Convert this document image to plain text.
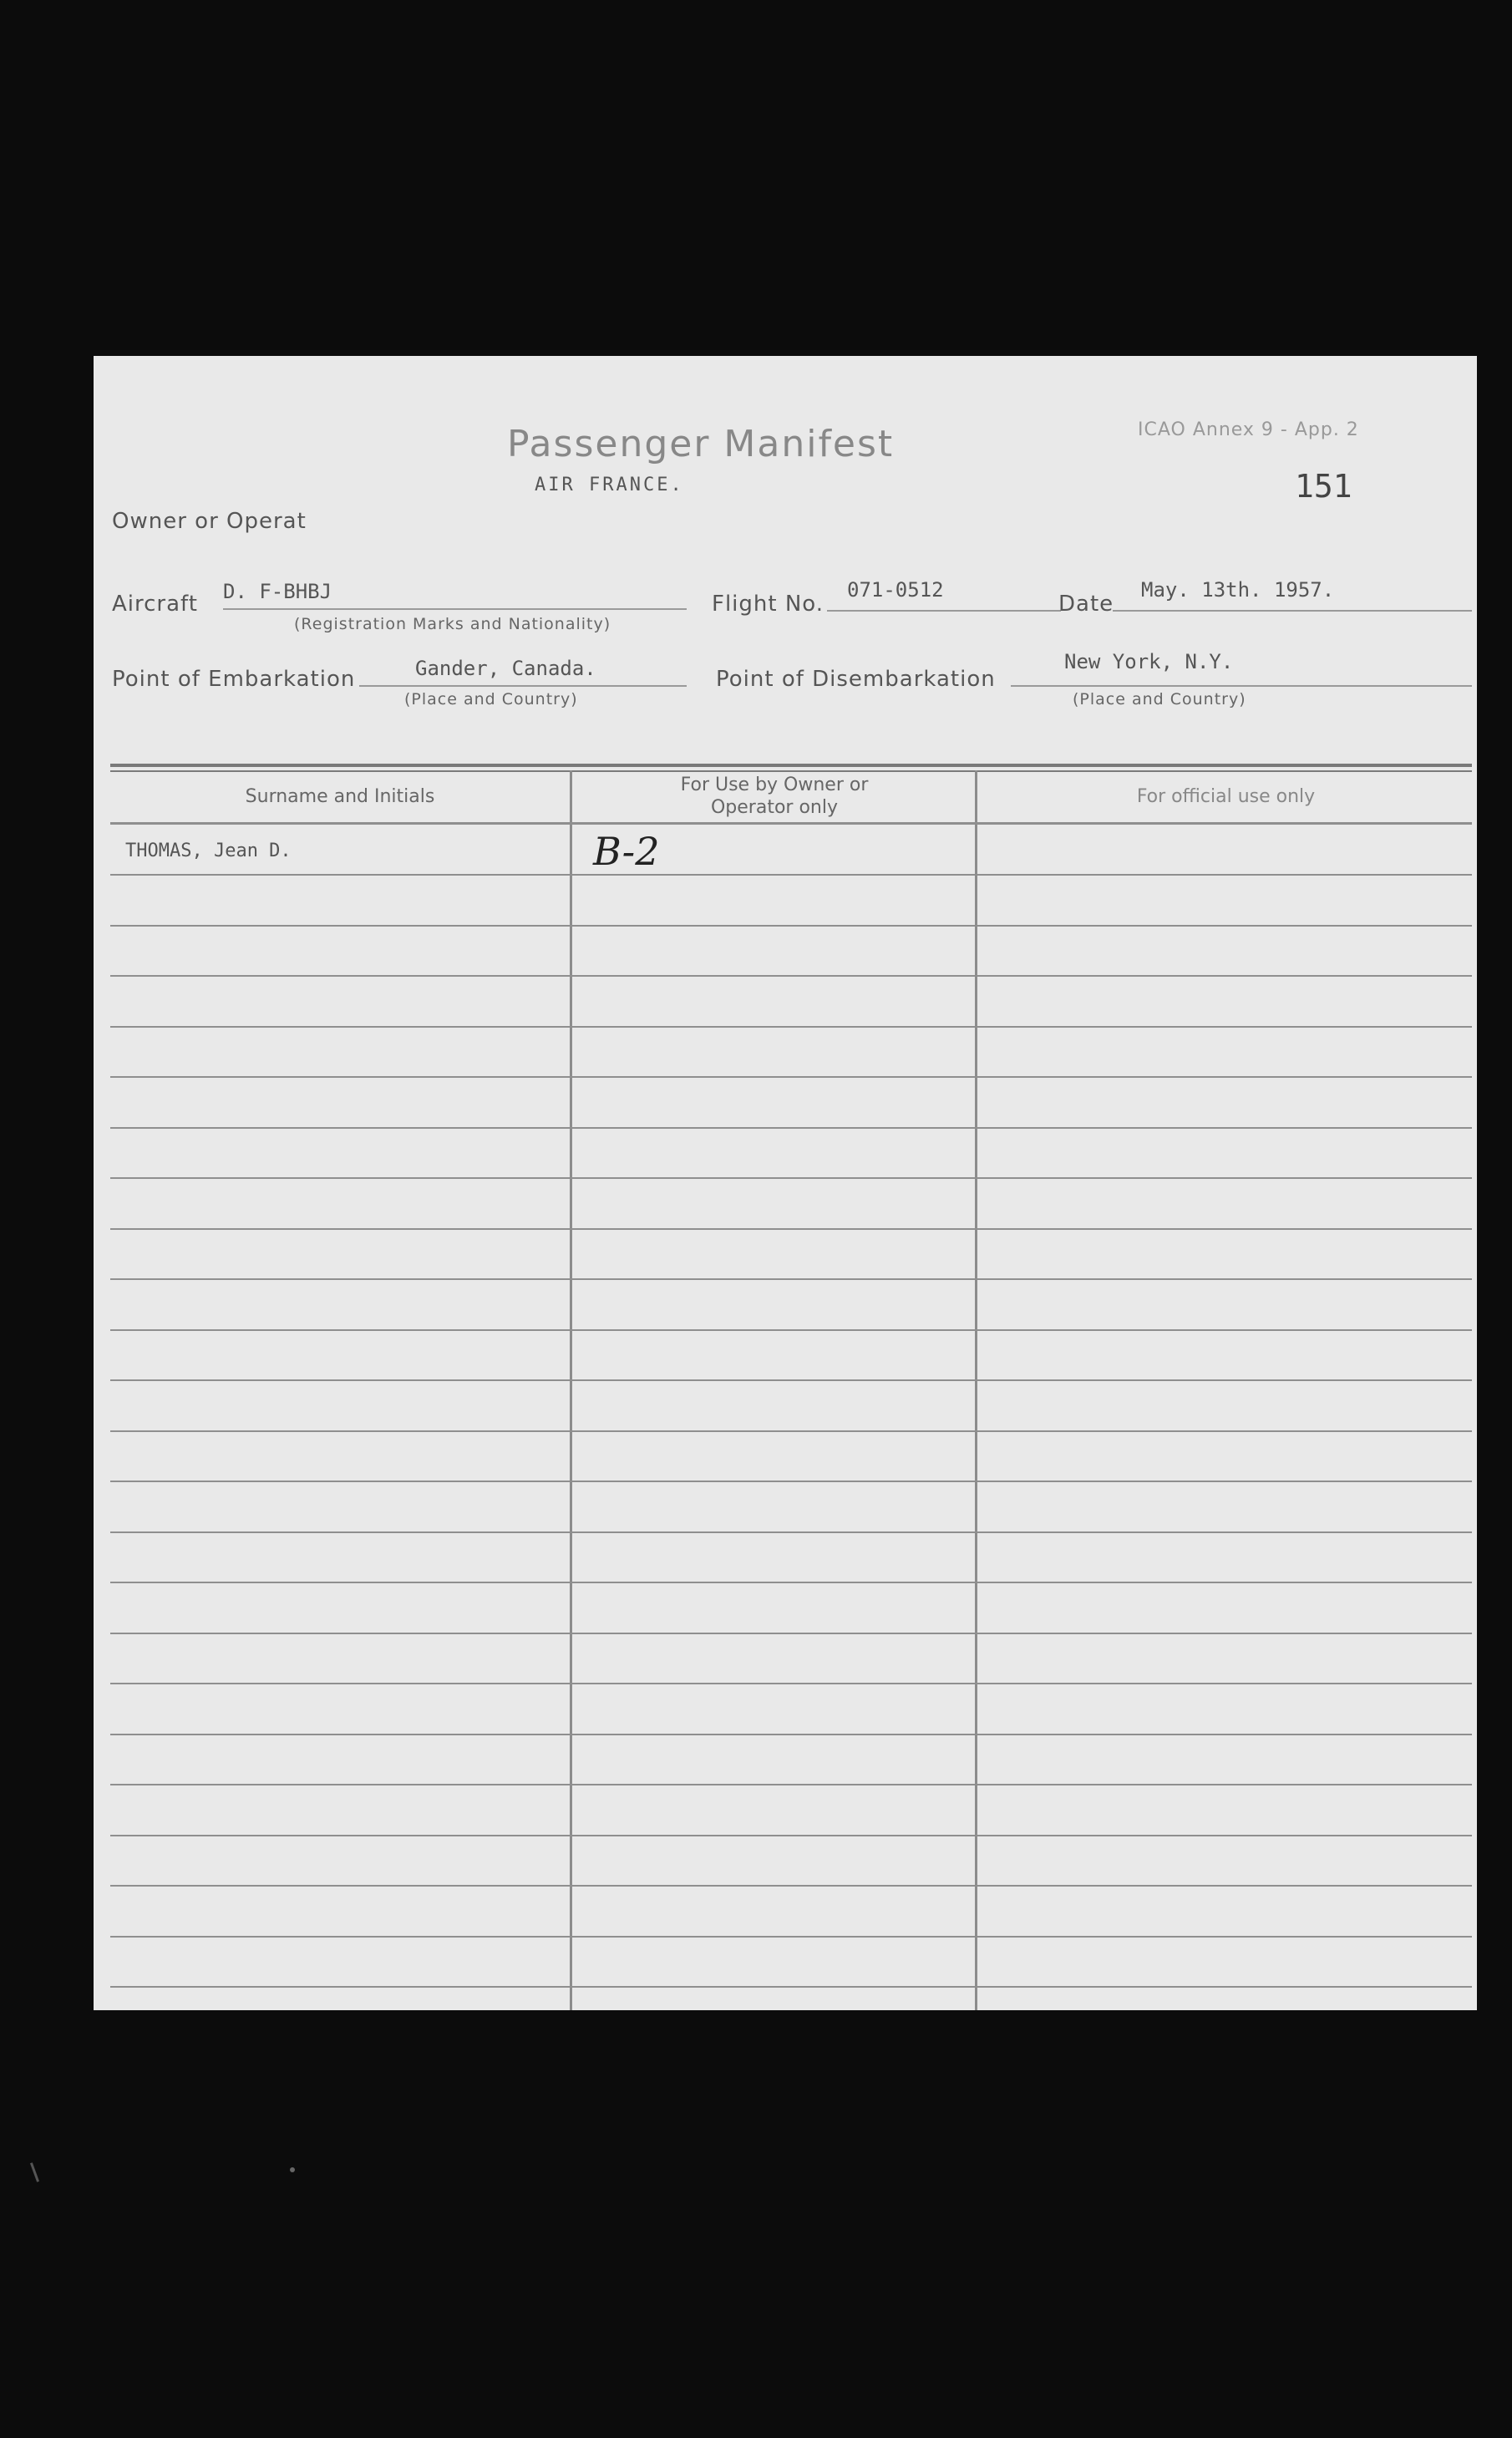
Passenger Manifest
AIR FRANCE.
ICAO Annex 9 - App. 2
151
Owner or Operat
Aircraft D. F-BHBJ
(Registration Marks and Nationality)
Flight No.
071-0512
Date
May. 13th. 1957.
Point of Embarkation	Gander, Canada.
(Place and Country)
Point of Disembarkation
New York, N.Y.
(Place and Country)
Surname and Initials
For Use by Owner or Operator only
For official use only
THOMAS, Jean D.	B-2
